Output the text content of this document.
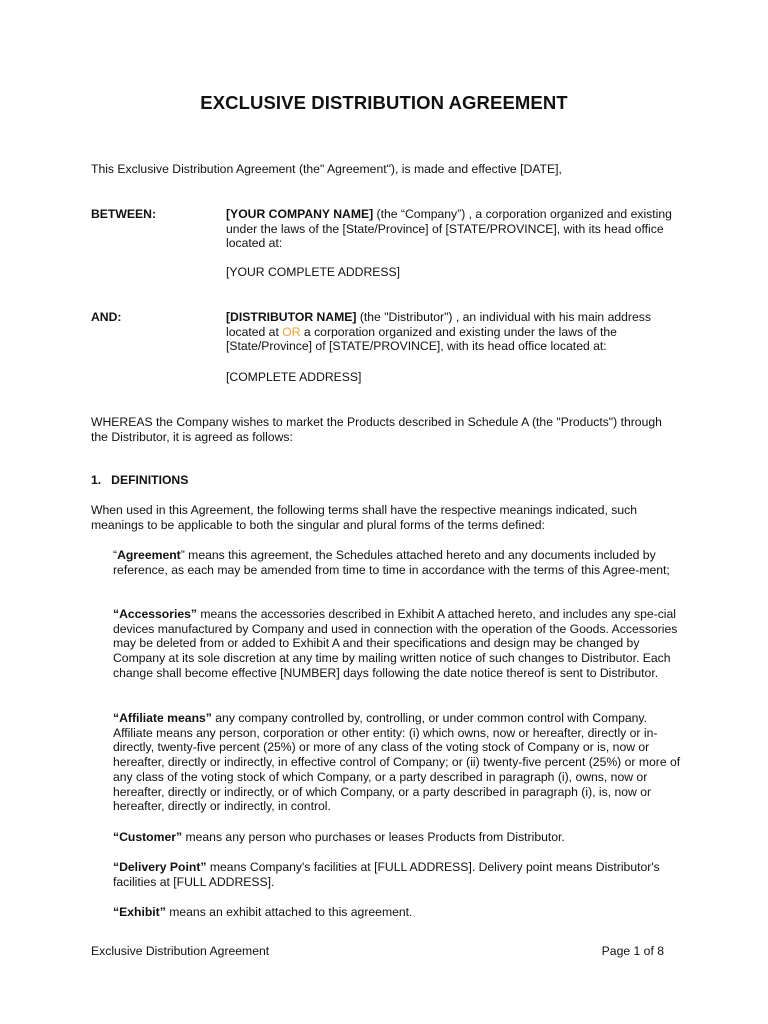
EXCLUSIVE DISTRIBUTION AGREEMENT
This Exclusive Distribution Agreement (the" Agreement"), is made and effective [DATE],
BETWEEN:	[YOUR COMPANY NAME] (the “Company”) , a corporation organized and existing under the laws of the [State/Province] of [STATE/PROVINCE], with its head office located at:
[YOUR COMPLETE ADDRESS]
AND:	[DISTRIBUTOR NAME] (the "Distributor") , an individual with his main address located at OR a corporation organized and existing under the laws of the [State/Province] of [STATE/PROVINCE], with its head office located at:
[COMPLETE ADDRESS]
WHEREAS the Company wishes to market the Products described in Schedule A (the "Products") through the Distributor, it is agreed as follows:
1. DEFINITIONS
When used in this Agreement, the following terms shall have the respective meanings indicated, such meanings to be applicable to both the singular and plural forms of the terms defined:
“Agreement” means this agreement, the Schedules attached hereto and any documents included by reference, as each may be amended from time to time in accordance with the terms of this Agree-ment;
“Accessories” means the accessories described in Exhibit A attached hereto, and includes any spe-cial devices manufactured by Company and used in connection with the operation of the Goods. Accessories may be deleted from or added to Exhibit A and their specifications and design may be changed by Company at its sole discretion at any time by mailing written notice of such changes to Distributor. Each change shall become effective [NUMBER] days following the date notice thereof is sent to Distributor.
“Affiliate means” any company controlled by, controlling, or under common control with Company. Affiliate means any person, corporation or other entity: (i) which owns, now or hereafter, directly or in-directly, twenty-five percent (25%) or more of any class of the voting stock of Company or is, now or hereafter, directly or indirectly, in effective control of Company; or (ii) twenty-five percent (25%) or more of any class of the voting stock of which Company, or a party described in paragraph (i), owns, now or hereafter, directly or indirectly, or of which Company, or a party described in paragraph (i), is, now or hereafter, directly or indirectly, in control.
“Customer” means any person who purchases or leases Products from Distributor.
“Delivery Point” means Company's facilities at [FULL ADDRESS]. Delivery point means Distributor's facilities at [FULL ADDRESS].
“Exhibit” means an exhibit attached to this agreement.
Exclusive Distribution Agreement	Page 1 of 8
